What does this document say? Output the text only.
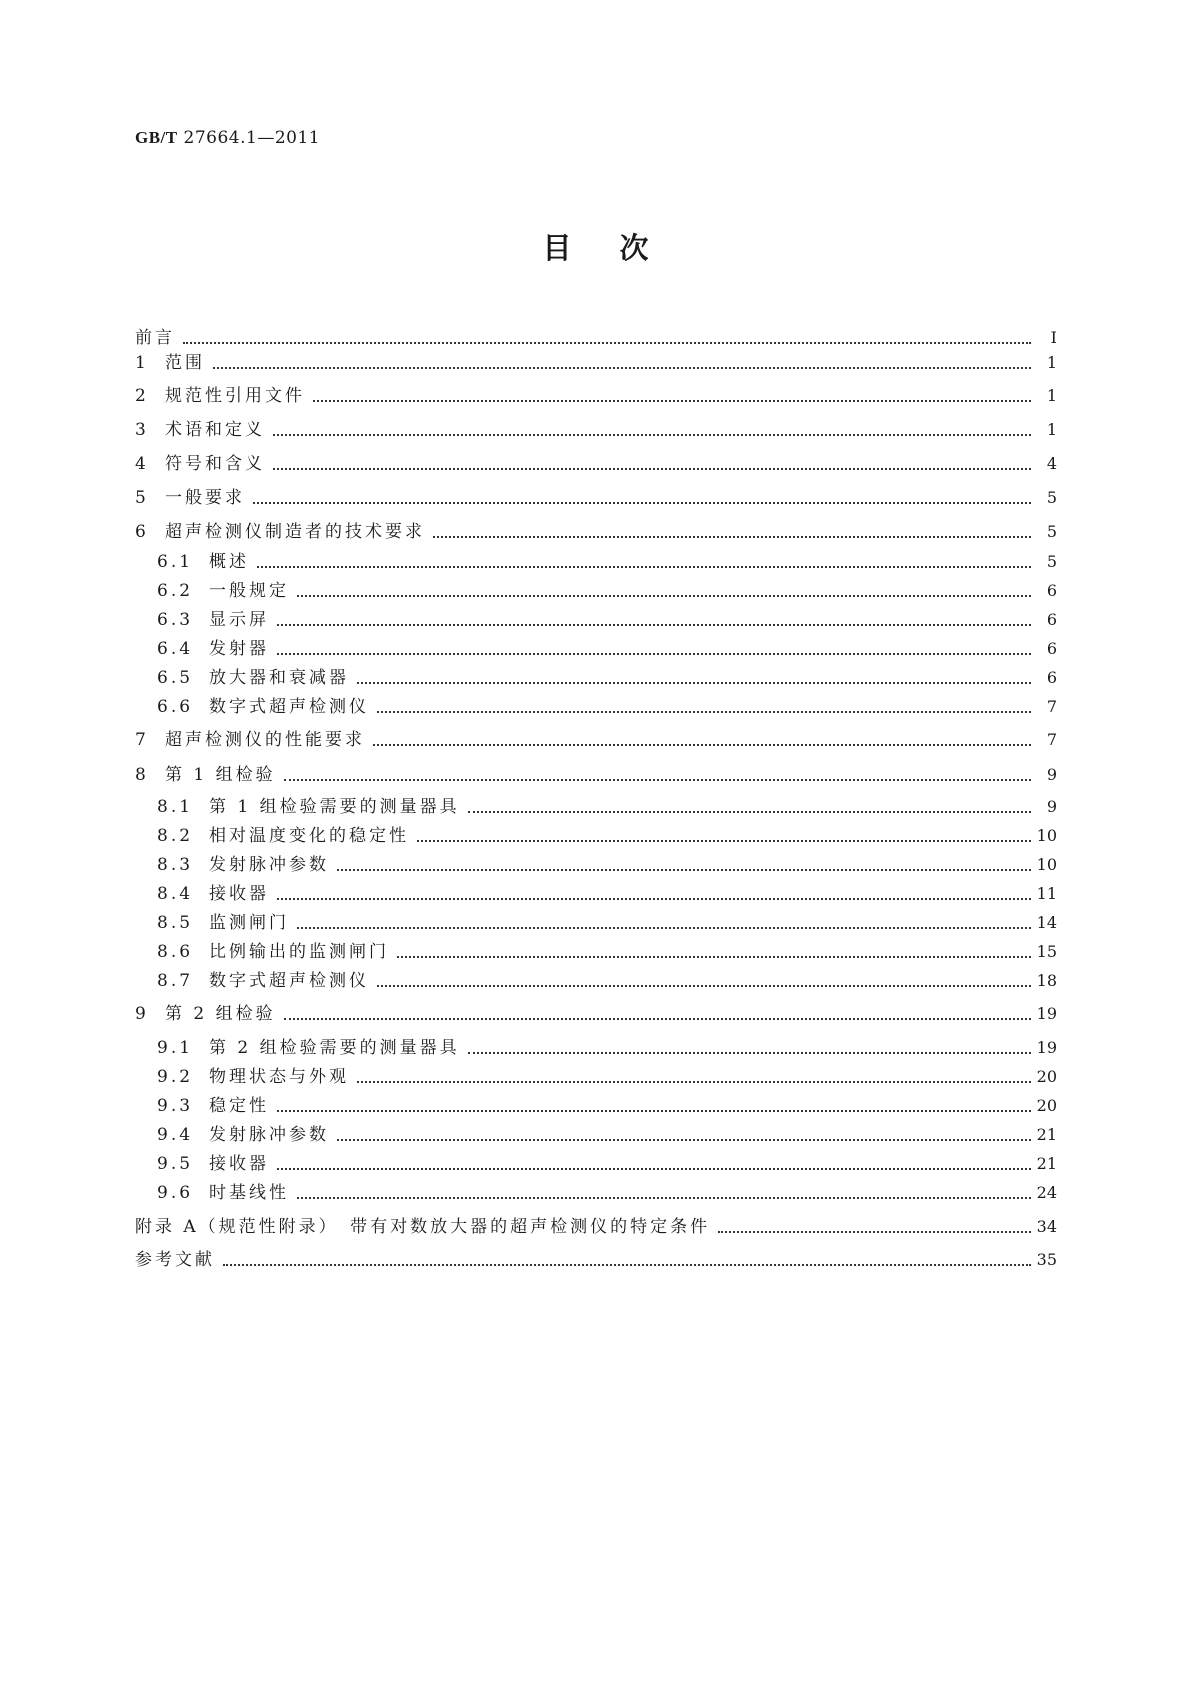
GB/T 27664.1—2011
目次
前言	Ⅰ
1 范围	1
2 规范性引用文件	1
3 术语和定义	1
4 符号和含义	4
5 一般要求	5
6 超声检测仪制造者的技术要求	5
6.1 概述	5
6.2 一般规定	6
6.3 显示屏	6
6.4 发射器	6
6.5 放大器和衰减器	6
6.6 数字式超声检测仪	7
7 超声检测仪的性能要求	7
8 第 1 组检验	9
8.1 第 1 组检验需要的测量器具	9
8.2 相对温度变化的稳定性	10
8.3 发射脉冲参数	10
8.4 接收器	11
8.5 监测闸门	14
8.6 比例输出的监测闸门	15
8.7 数字式超声检测仪	18
9 第 2 组检验	19
9.1 第 2 组检验需要的测量器具	19
9.2 物理状态与外观	20
9.3 稳定性	20
9.4 发射脉冲参数	21
9.5 接收器	21
9.6 时基线性	24
附录 A（规范性附录）　带有对数放大器的超声检测仪的特定条件	34
参考文献	35
